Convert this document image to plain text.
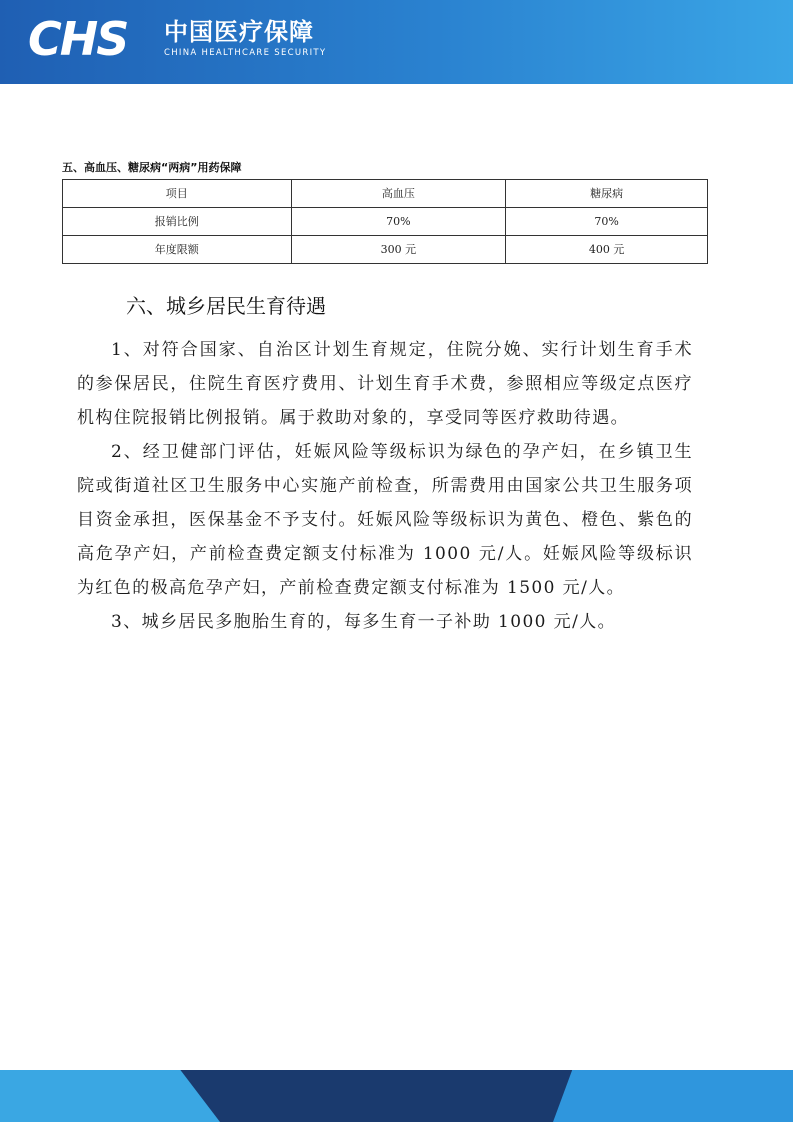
CHS	中国医疗保障
CHINA HEALTHCARE SECURITY
五、高血压、糖尿病“两病”用药保障
项目	高血压	糖尿病
报销比例	70%	70%
年度限额	300 元	400 元
六、城乡居民生育待遇

1、对符合国家、自治区计划生育规定，住院分娩、实行计划生育手术的参保居民，住院生育医疗费用、计划生育手术费，参照相应等级定点医疗机构住院报销比例报销。属于救助对象的，享受同等医疗救助待遇。

2、经卫健部门评估，妊娠风险等级标识为绿色的孕产妇，在乡镇卫生院或街道社区卫生服务中心实施产前检查，所需费用由国家公共卫生服务项目资金承担，医保基金不予支付。妊娠风险等级标识为黄色、橙色、紫色的高危孕产妇，产前检查费定额支付标准为 1000 元/人。妊娠风险等级标识为红色的极高危孕产妇，产前检查费定额支付标准为 1500 元/人。

3、城乡居民多胞胎生育的，每多生育一子补助 1000 元/人。
